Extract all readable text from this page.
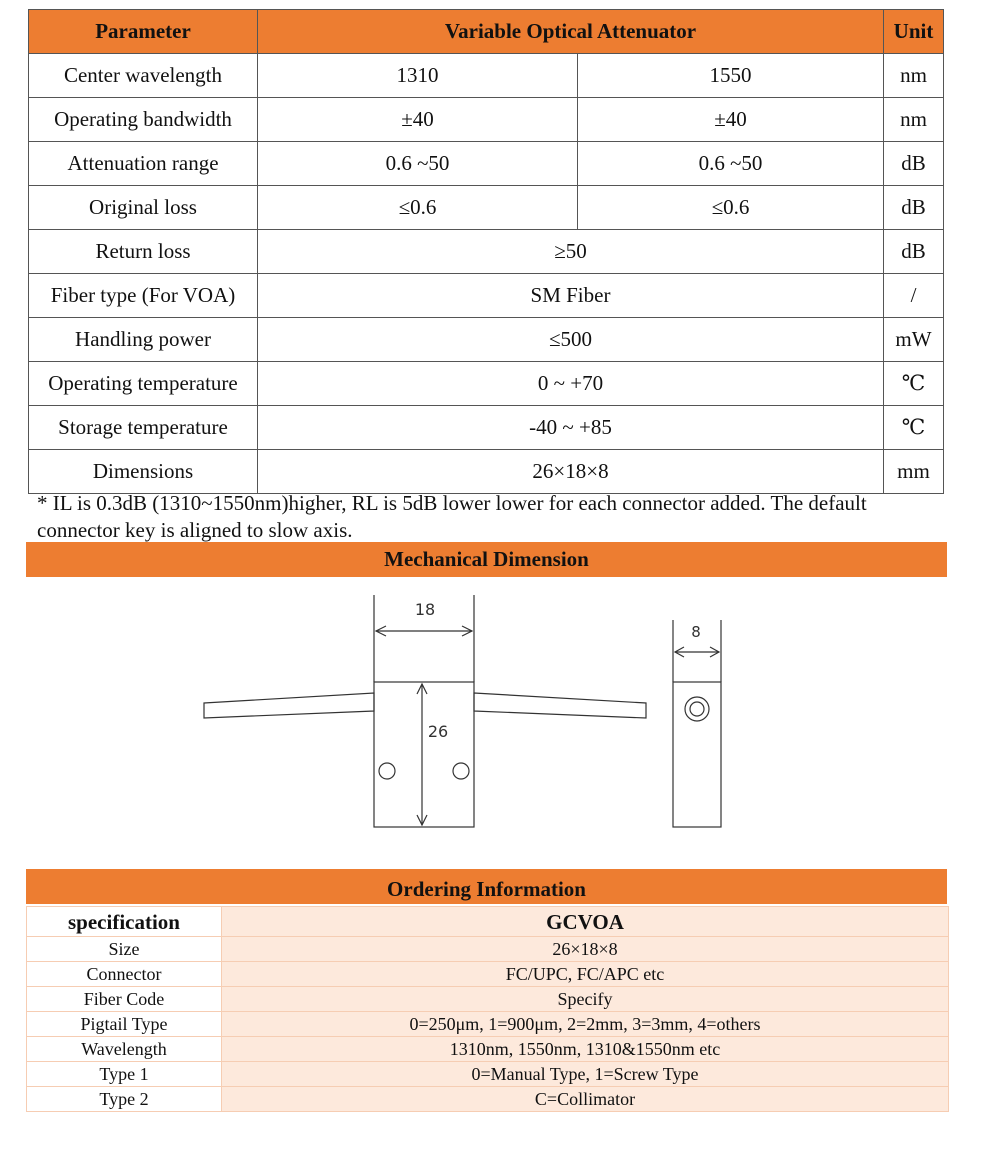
Parameter	Variable Optical Attenuator		Unit
Center wavelength	1310	1550	nm
Operating bandwidth	±40	±40	nm
Attenuation range	0.6 ~50	0.6 ~50	dB
Original loss	≤0.6	≤0.6	dB
Return loss	≥50		dB
Fiber type (For VOA)	SM Fiber		/
Handling power	≤500		mW
Operating temperature	0 ~ +70		℃
Storage temperature	-40 ~ +85		℃
Dimensions	26×18×8		mm
* IL is 0.3dB (1310~1550nm)higher, RL is 5dB lower lower for each connector added. The default connector key is aligned to slow axis.
Mechanical Dimension
18
26
8
Ordering Information
specification	GCVOA
Size	26×18×8
Connector	FC/UPC, FC/APC etc
Fiber Code	Specify
Pigtail Type	0=250μm, 1=900μm, 2=2mm, 3=3mm, 4=others
Wavelength	1310nm, 1550nm, 1310&1550nm etc
Type 1	0=Manual Type, 1=Screw Type
Type 2	C=Collimator
